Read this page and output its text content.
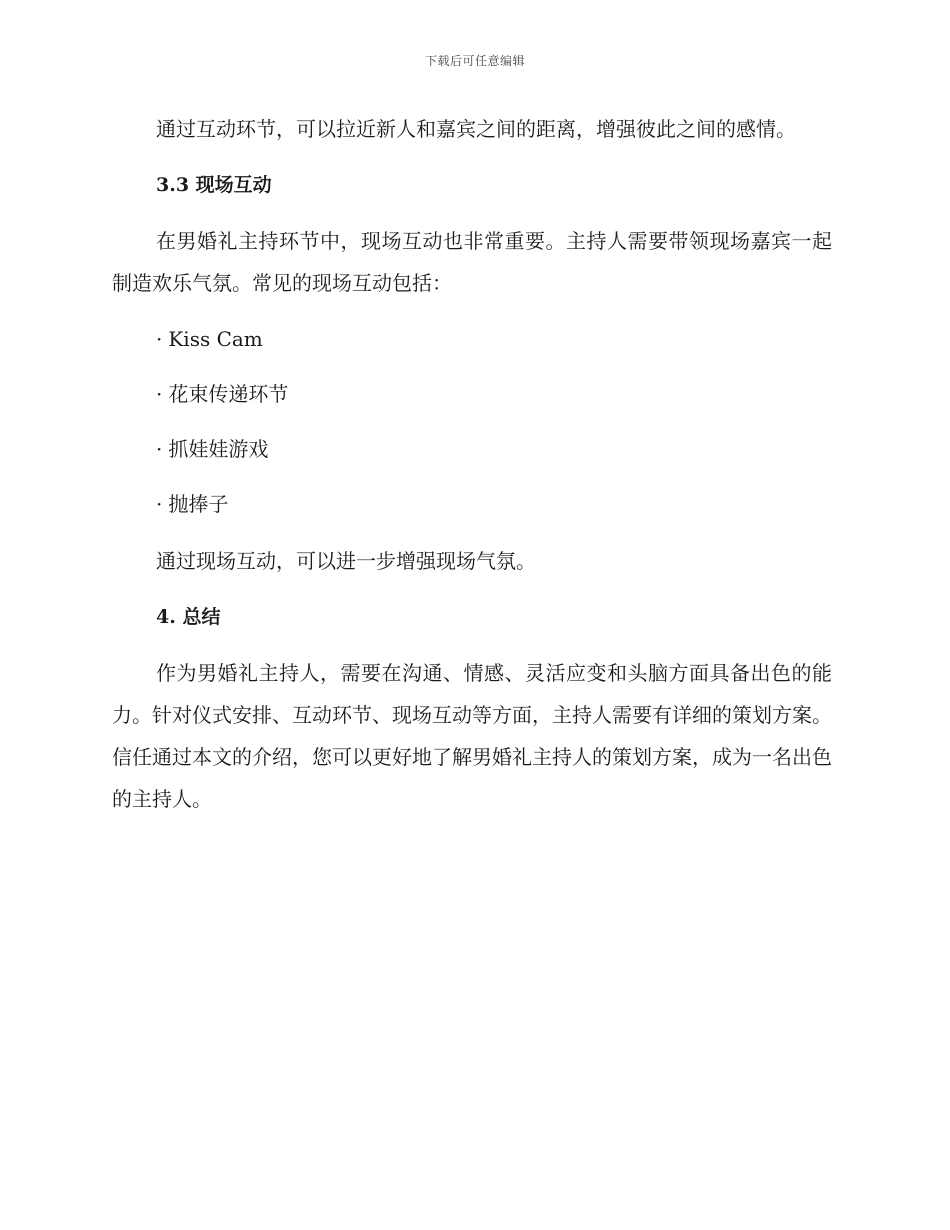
下载后可任意编辑

通过互动环节，可以拉近新人和嘉宾之间的距离，增强彼此之间的感情。

3.3 现场互动

在男婚礼主持环节中，现场互动也非常重要。主持人需要带领现场嘉宾一起制造欢乐气氛。常见的现场互动包括：

· Kiss Cam
· 花束传递环节
· 抓娃娃游戏
· 抛捧子

通过现场互动，可以进一步增强现场气氛。

4. 总结

作为男婚礼主持人，需要在沟通、情感、灵活应变和头脑方面具备出色的能力。针对仪式安排、互动环节、现场互动等方面，主持人需要有详细的策划方案。信任通过本文的介绍，您可以更好地了解男婚礼主持人的策划方案，成为一名出色的主持人。
